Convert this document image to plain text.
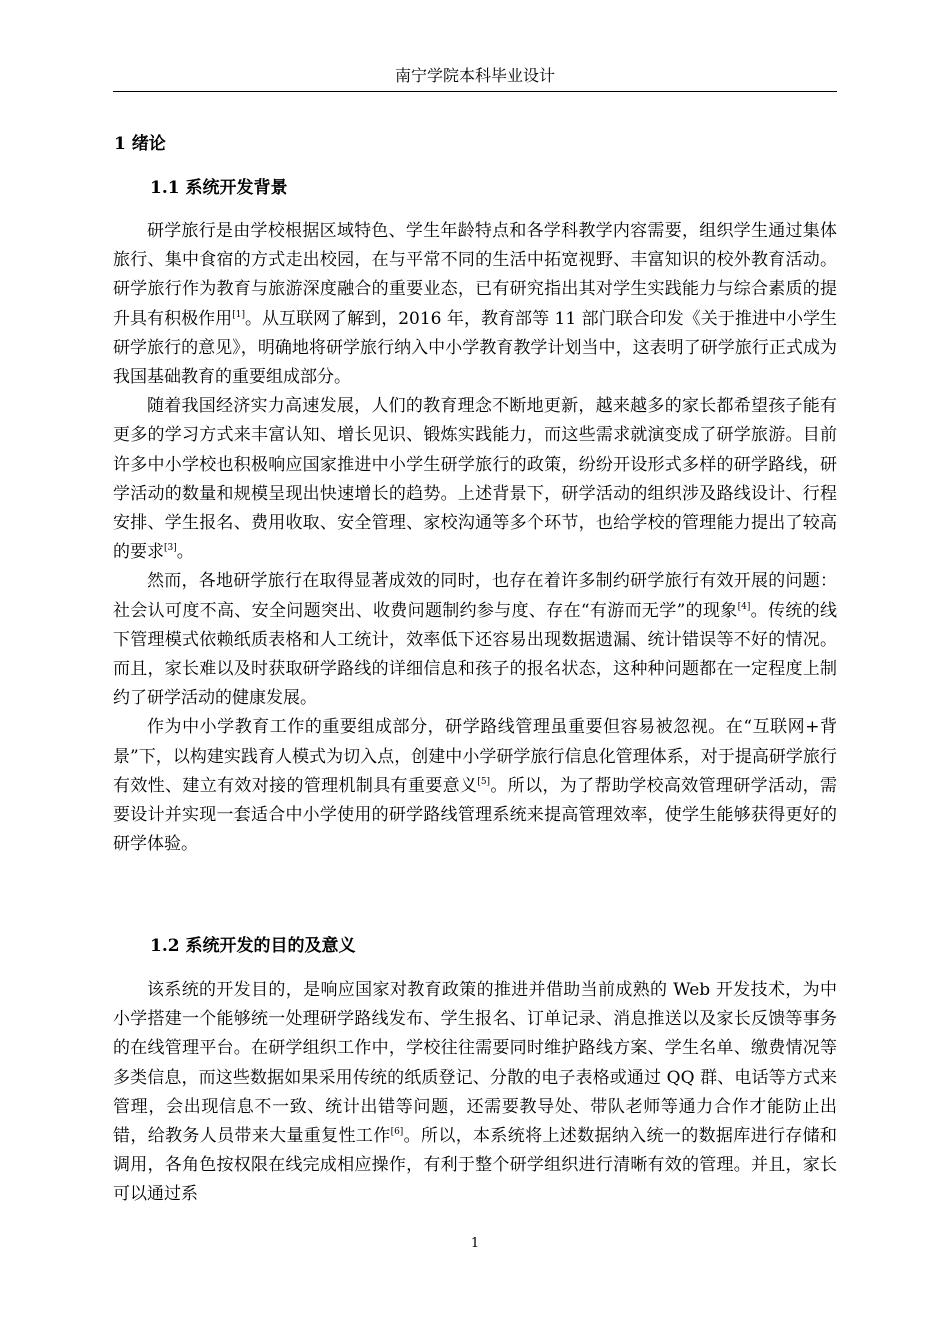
南宁学院本科毕业设计
1 绪论
1.1 系统开发背景

研学旅行是由学校根据区域特色、学生年龄特点和各学科教学内容需要，组织学生通过集体旅行、集中食宿的方式走出校园，在与平常不同的生活中拓宽视野、丰富知识的校外教育活动。研学旅行作为教育与旅游深度融合的重要业态，已有研究指出其对学生实践能力与综合素质的提升具有积极作用[1]。从互联网了解到，2016 年，教育部等 11 部门联合印发《关于推进中小学生研学旅行的意见》，明确地将研学旅行纳入中小学教育教学计划当中，这表明了研学旅行正式成为我国基础教育的重要组成部分。

随着我国经济实力高速发展，人们的教育理念不断地更新，越来越多的家长都希望孩子能有更多的学习方式来丰富认知、增长见识、锻炼实践能力，而这些需求就演变成了研学旅游。目前许多中小学校也积极响应国家推进中小学生研学旅行的政策，纷纷开设形式多样的研学路线，研学活动的数量和规模呈现出快速增长的趋势。上述背景下，研学活动的组织涉及路线设计、行程安排、学生报名、费用收取、安全管理、家校沟通等多个环节，也给学校的管理能力提出了较高的要求[3]。

然而，各地研学旅行在取得显著成效的同时，也存在着许多制约研学旅行有效开展的问题：社会认可度不高、安全问题突出、收费问题制约参与度、存在“有游而无学”的现象[4]。传统的线下管理模式依赖纸质表格和人工统计，效率低下还容易出现数据遗漏、统计错误等不好的情况。而且，家长难以及时获取研学路线的详细信息和孩子的报名状态，这种种问题都在一定程度上制约了研学活动的健康发展。

作为中小学教育工作的重要组成部分，研学路线管理虽重要但容易被忽视。在“互联网+背景”下，以构建实践育人模式为切入点，创建中小学研学旅行信息化管理体系，对于提高研学旅行有效性、建立有效对接的管理机制具有重要意义[5]。所以，为了帮助学校高效管理研学活动，需要设计并实现一套适合中小学使用的研学路线管理系统来提高管理效率，使学生能够获得更好的研学体验。

1.2 系统开发的目的及意义

该系统的开发目的，是响应国家对教育政策的推进并借助当前成熟的 Web 开发技术，为中小学搭建一个能够统一处理研学路线发布、学生报名、订单记录、消息推送以及家长反馈等事务的在线管理平台。在研学组织工作中，学校往往需要同时维护路线方案、学生名单、缴费情况等多类信息，而这些数据如果采用传统的纸质登记、分散的电子表格或通过 QQ 群、电话等方式来管理，会出现信息不一致、统计出错等问题，还需要教导处、带队老师等通力合作才能防止出错，给教务人员带来大量重复性工作[6]。所以，本系统将上述数据纳入统一的数据库进行存储和调用，各角色按权限在线完成相应操作，有利于整个研学组织进行清晰有效的管理。并且，家长可以通过系

1
